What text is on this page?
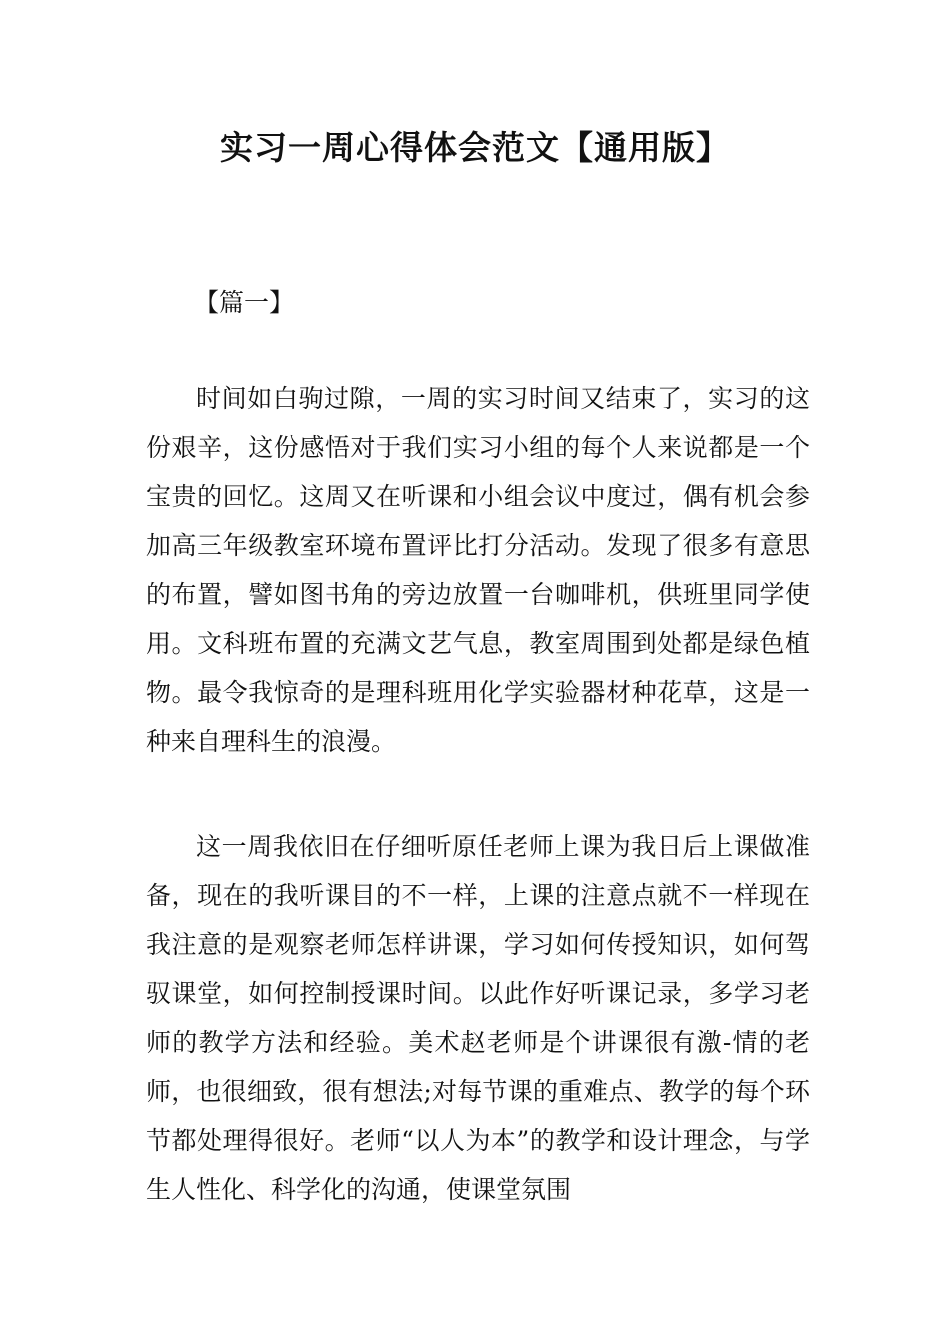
实习一周心得体会范文【通用版】

【篇一】

时间如白驹过隙，一周的实习时间又结束了，实习的这份艰辛，这份感悟对于我们实习小组的每个人来说都是一个宝贵的回忆。这周又在听课和小组会议中度过，偶有机会参加高三年级教室环境布置评比打分活动。发现了很多有意思的布置，譬如图书角的旁边放置一台咖啡机，供班里同学使用。文科班布置的充满文艺气息，教室周围到处都是绿色植物。最令我惊奇的是理科班用化学实验器材种花草，这是一种来自理科生的浪漫。

这一周我依旧在仔细听原任老师上课为我日后上课做准备，现在的我听课目的不一样，上课的注意点就不一样现在我注意的是观察老师怎样讲课，学习如何传授知识，如何驾驭课堂，如何控制授课时间。以此作好听课记录，多学习老师的教学方法和经验。美术赵老师是个讲课很有激-情的老师，也很细致，很有想法;对每节课的重难点、教学的每个环节都处理得很好。老师“以人为本”的教学和设计理念，与学生人性化、科学化的沟通，使课堂氛围
